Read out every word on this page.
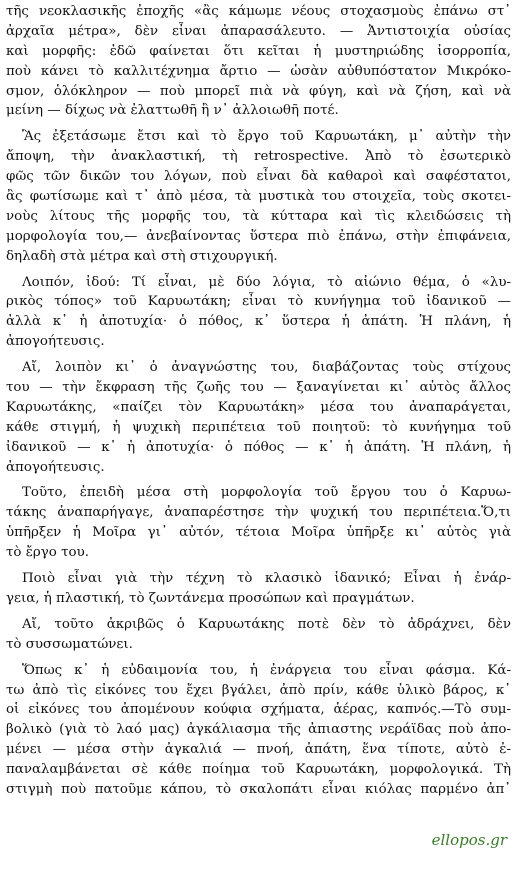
τῆς νεοκλασικῆς ἐποχῆς «ἂς κάμωμε νέους στοχασμοὺς ἐπάνω στ᾿
ἀρχαῖα μέτρα», δὲν εἶναι ἀπαρασάλευτο. — Ἀντιστοιχία οὐσίας
καὶ μορφῆς: ἐδῶ φαίνεται ὅτι κεῖται ἡ μυστηριώδης ἰσορροπία,
ποὺ κάνει τὸ καλλιτέχνημα ἄρτιο — ὡσὰν αὐθυπόστατον Μικρόκο-
σμον, ὁλόκληρον — ποὺ μπορεῖ πιὰ νὰ φύγη, καὶ νὰ ζήση, καὶ νὰ
μείνη — δίχως νὰ ἐλαττωθῆ ἢ ν᾿ ἀλλοιωθῆ ποτέ.
Ἂς ἐξετάσωμε ἔτσι καὶ τὸ ἔργο τοῦ Καρυωτάκη, μ᾿ αὐτὴν τὴν
ἄποψη, τὴν ἀνακλαστική, τὴ retrospective. Ἀπὸ τὸ ἐσωτερικὸ
φῶς τῶν δικῶν του λόγων, ποὺ εἶναι δὰ καθαροὶ καὶ σαφέστατοι,
ἂς φωτίσωμε καὶ τ᾿ ἀπὸ μέσα, τὰ μυστικὰ του στοιχεῖα, τοὺς σκοτει-
νοὺς λίτους τῆς μορφῆς του, τὰ κύτταρα καὶ τὶς κλειδώσεις τὴ
μορφολογία του,— ἀνεβαίνοντας ὕστερα πιὸ ἐπάνω, στὴν ἐπιφάνεια,
δηλαδὴ στὰ μέτρα καὶ στὴ στιχουργική.
Λοιπόν, ἰδού: Τί εἶναι, μὲ δύο λόγια, τὸ αἰώνιο θέμα, ὁ «λυ-
ρικὸς τόπος» τοῦ Καρυωτάκη; εἶναι τὸ κυνήγημα τοῦ ἰδανικοῦ —
ἀλλὰ κ᾿ ἡ ἀποτυχία· ὁ πόθος, κ᾿ ὕστερα ἡ ἀπάτη. Ἡ πλάνη, ἡ
ἀπογοήτευσις.
Αἴ, λοιπὸν κι᾿ ὁ ἀναγνώστης του, διαβάζοντας τοὺς στίχους
του — τὴν ἔκφραση τῆς ζωῆς του — ξαναγίνεται κι᾿ αὐτὸς ἄλλος
Καρυωτάκης, «παίζει τὸν Καρυωτάκη» μέσα του ἀναπαράγεται,
κάθε στιγμή, ἡ ψυχικὴ περιπέτεια τοῦ ποιητοῦ: τὸ κυνήγημα τοῦ
ἰδανικοῦ — κ᾿ ἡ ἀποτυχία· ὁ πόθος — κ᾿ ἡ ἀπάτη. Ἡ πλάνη, ἡ
ἀπογοήτευσις.
Τοῦτο, ἐπειδὴ μέσα στὴ μορφολογία τοῦ ἔργου του ὁ Καρυω-
τάκης ἀναπαρήγαγε, ἀναπαρέστησε τὴν ψυχική του περιπέτεια.Ὅ,τι
ὑπῆρξεν ἡ Μοῖρα γι᾿ αὐτόν, τέτοια Μοῖρα ὑπῆρξε κι᾿ αὐτὸς γιὰ
τὸ ἔργο του.
Ποιὸ εἶναι γιὰ τὴν τέχνη τὸ κλασικὸ ἰδανικό; Εἶναι ἡ ἐνάρ-
γεια, ἡ πλαστική, τὸ ζωντάνεμα προσώπων καὶ πραγμάτων.
Αἴ, τοῦτο ἀκριβῶς ὁ Καρυωτάκης ποτὲ δὲν τὸ ἀδράχνει, δὲν
τὸ συσσωματώνει.
Ὅπως κ᾿ ἡ εὐδαιμονία του, ἡ ἐνάργεια του εἶναι φάσμα. Κά-
τω ἀπὸ τὶς εἰκόνες του ἔχει βγάλει, ἀπὸ πρίν, κάθε ὑλικὸ βάρος, κ᾿
οἱ εἰκόνες του ἀπομένουν κούφια σχήματα, ἀέρας, καπνός.—Τὸ συμ-
βολικὸ (γιὰ τὸ λαό μας) ἀγκάλιασμα τῆς ἀπιαστης νεράϊδας ποὺ ἀπο-
μένει — μέσα στὴν ἀγκαλιά — πνοή, ἀπάτη, ἕνα τίποτε, αὐτὸ ἐ-
παναλαμβάνεται σὲ κάθε ποίημα τοῦ Καρυωτάκη, μορφολογικά. Τὴ
στιγμὴ ποὺ πατοῦμε κάπου, τὸ σκαλοπάτι εἶναι κιόλας παρμένο ἀπ᾿
ellopos.gr
